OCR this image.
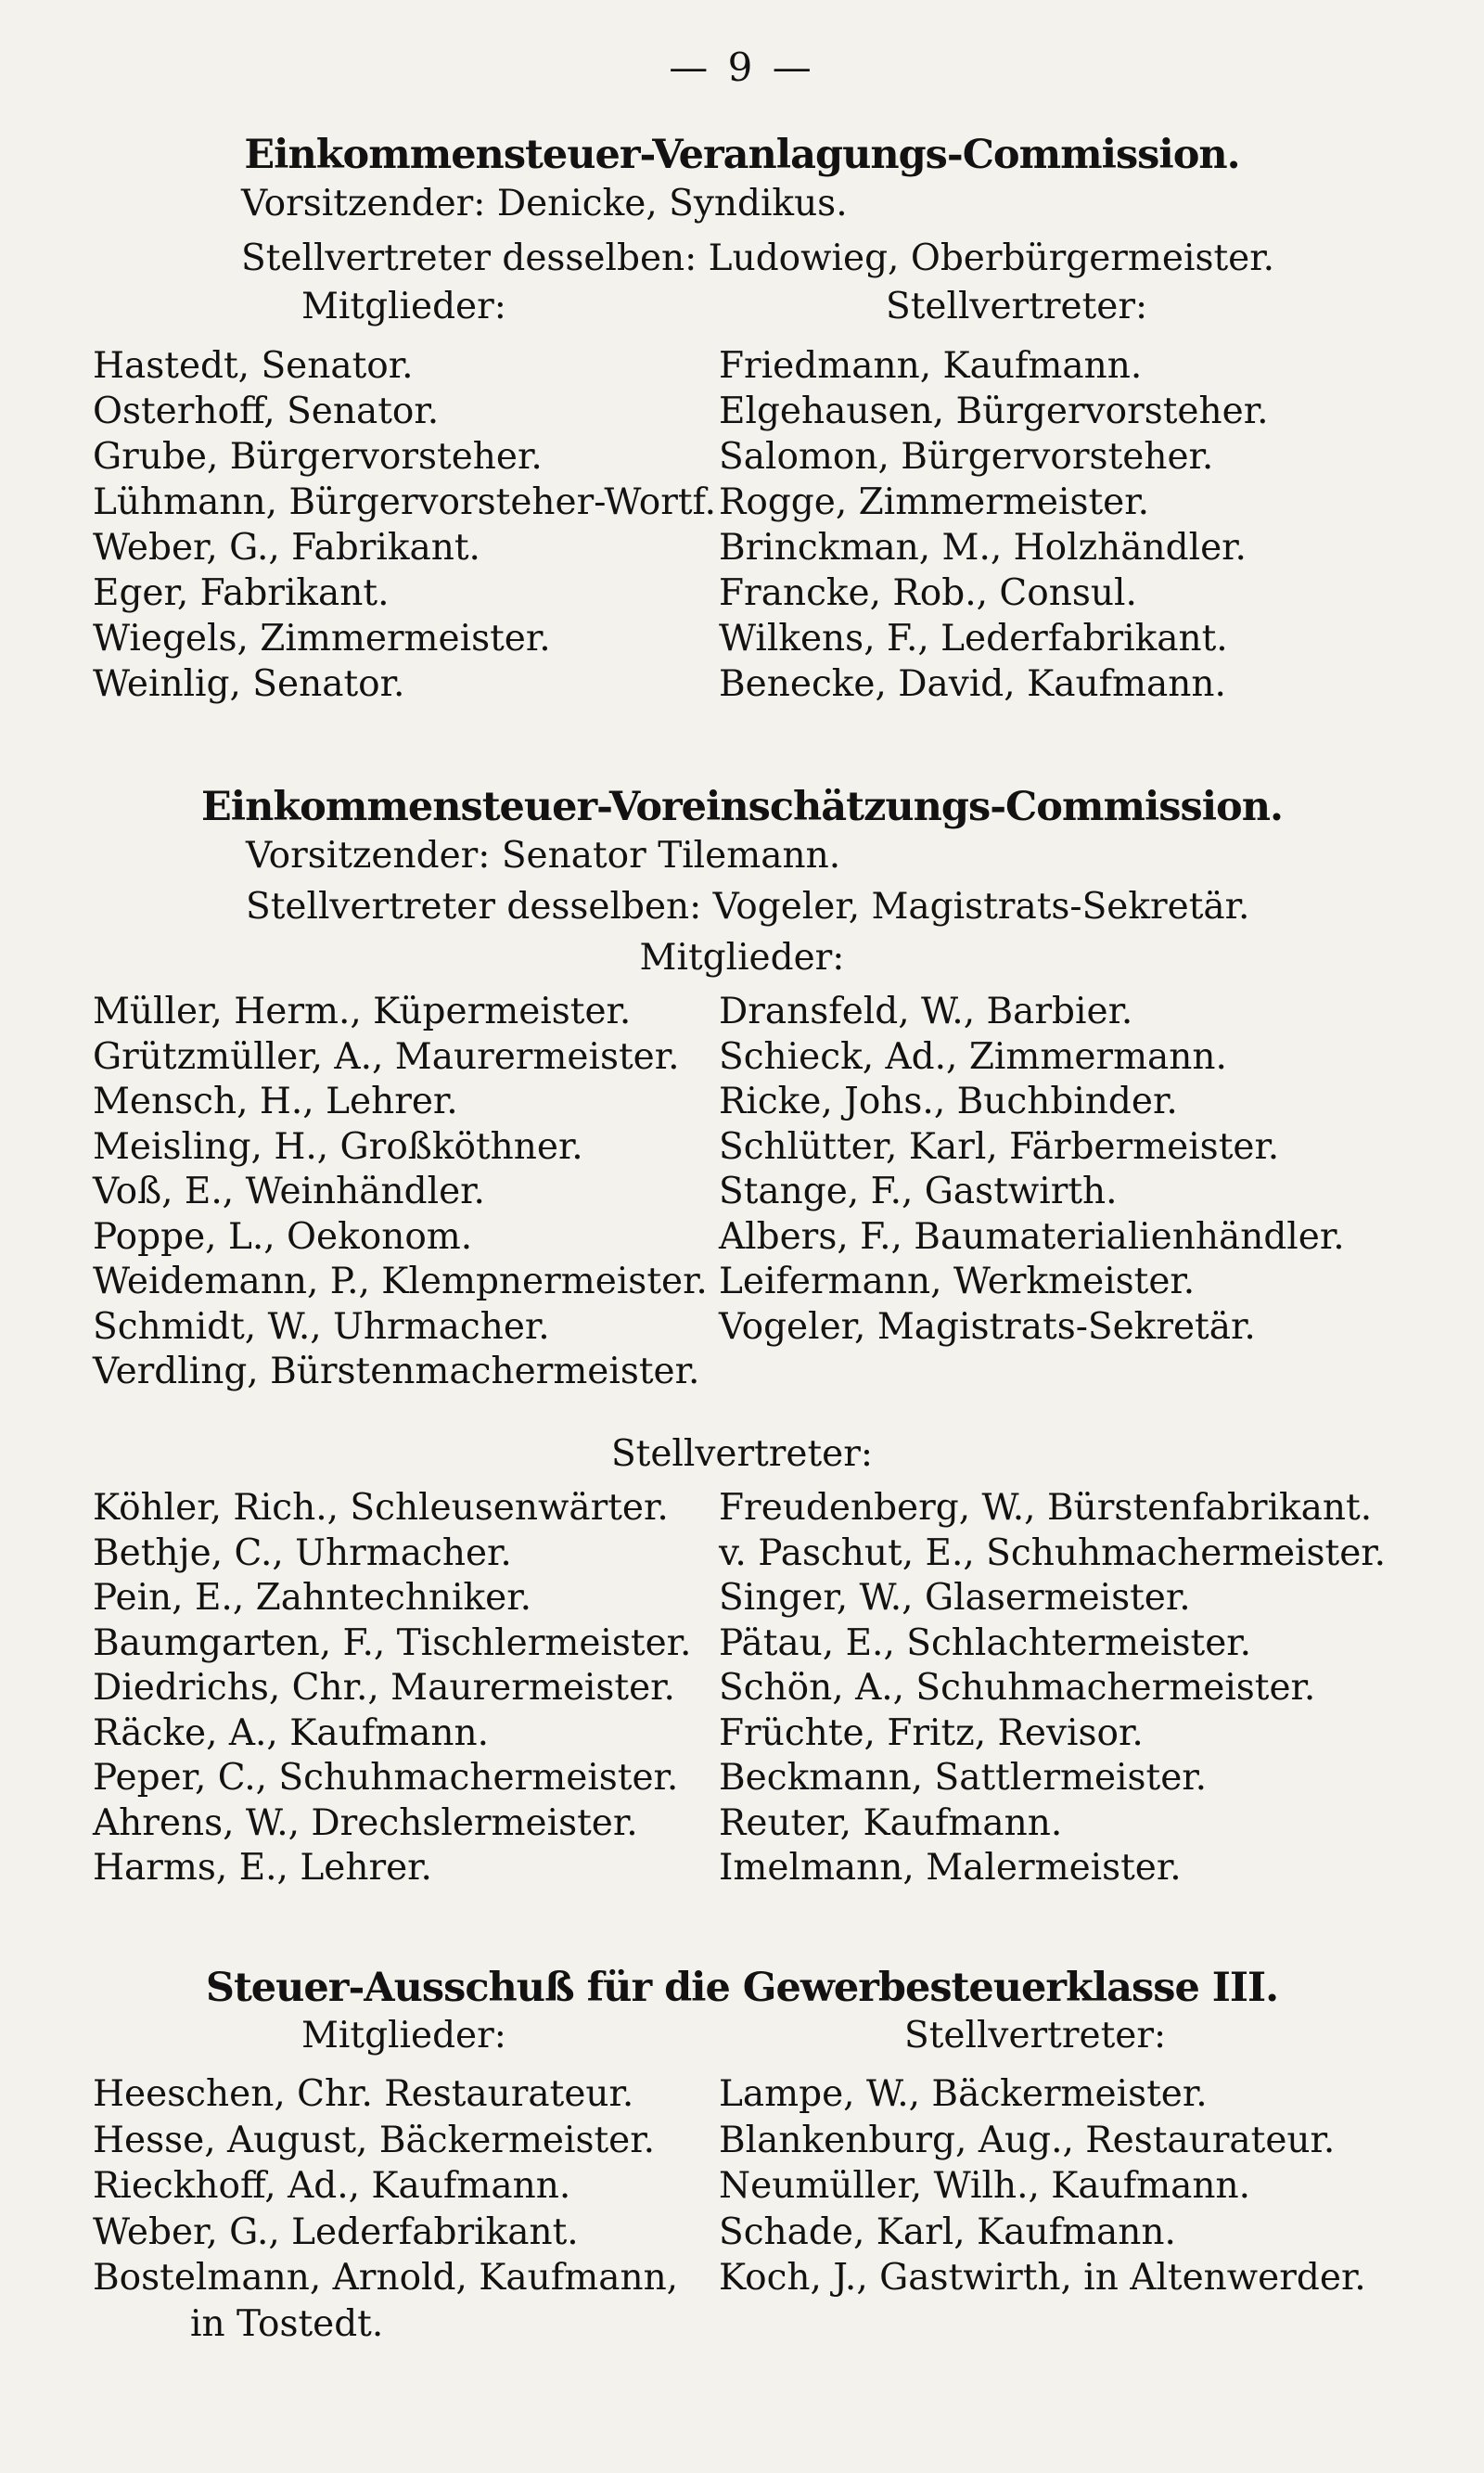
— 9 —
Einkommensteuer-Veranlagungs-Commission.
Vorsitzender: Denicke, Syndikus.
Stellvertreter desselben: Ludowieg, Oberbürgermeister.
Mitglieder:	Stellvertreter:
Hastedt, Senator.
Osterhoff, Senator.
Grube, Bürgervorsteher.
Lühmann, Bürgervorsteher-Wortf.
Weber, G., Fabrikant.
Eger, Fabrikant.
Wiegels, Zimmermeister.
Weinlig, Senator.
Friedmann, Kaufmann.
Elgehausen, Bürgervorsteher.
Salomon, Bürgervorsteher.
Rogge, Zimmermeister.
Brinckman, M., Holzhändler.
Francke, Rob., Consul.
Wilkens, F., Lederfabrikant.
Benecke, David, Kaufmann.
Einkommensteuer-Voreinschätzungs-Commission.
Vorsitzender: Senator Tilemann.
Stellvertreter desselben: Vogeler, Magistrats-Sekretär.
Mitglieder:
Müller, Herm., Küpermeister.
Grützmüller, A., Maurermeister.
Mensch, H., Lehrer.
Meisling, H., Großköthner.
Voß, E., Weinhändler.
Poppe, L., Oekonom.
Weidemann, P., Klempnermeister.
Schmidt, W., Uhrmacher.
Verdling, Bürstenmachermeister.
Dransfeld, W., Barbier.
Schieck, Ad., Zimmermann.
Ricke, Johs., Buchbinder.
Schlütter, Karl, Färbermeister.
Stange, F., Gastwirth.
Albers, F., Baumaterialienhändler.
Leifermann, Werkmeister.
Vogeler, Magistrats-Sekretär.
Stellvertreter:
Köhler, Rich., Schleusenwärter.
Bethje, C., Uhrmacher.
Pein, E., Zahntechniker.
Baumgarten, F., Tischlermeister.
Diedrichs, Chr., Maurermeister.
Räcke, A., Kaufmann.
Peper, C., Schuhmachermeister.
Ahrens, W., Drechslermeister.
Harms, E., Lehrer.
Freudenberg, W., Bürstenfabrikant.
v. Paschut, E., Schuhmachermeister.
Singer, W., Glasermeister.
Pätau, E., Schlachtermeister.
Schön, A., Schuhmachermeister.
Früchte, Fritz, Revisor.
Beckmann, Sattlermeister.
Reuter, Kaufmann.
Imelmann, Malermeister.
Steuer-Ausschuß für die Gewerbesteuerklasse III.
Mitglieder:	Stellvertreter:
Heeschen, Chr. Restaurateur.
Hesse, August, Bäckermeister.
Rieckhoff, Ad., Kaufmann.
Weber, G., Lederfabrikant.
Bostelmann, Arnold, Kaufmann,
in Tostedt.
Lampe, W., Bäckermeister.
Blankenburg, Aug., Restaurateur.
Neumüller, Wilh., Kaufmann.
Schade, Karl, Kaufmann.
Koch, J., Gastwirth, in Altenwerder.
